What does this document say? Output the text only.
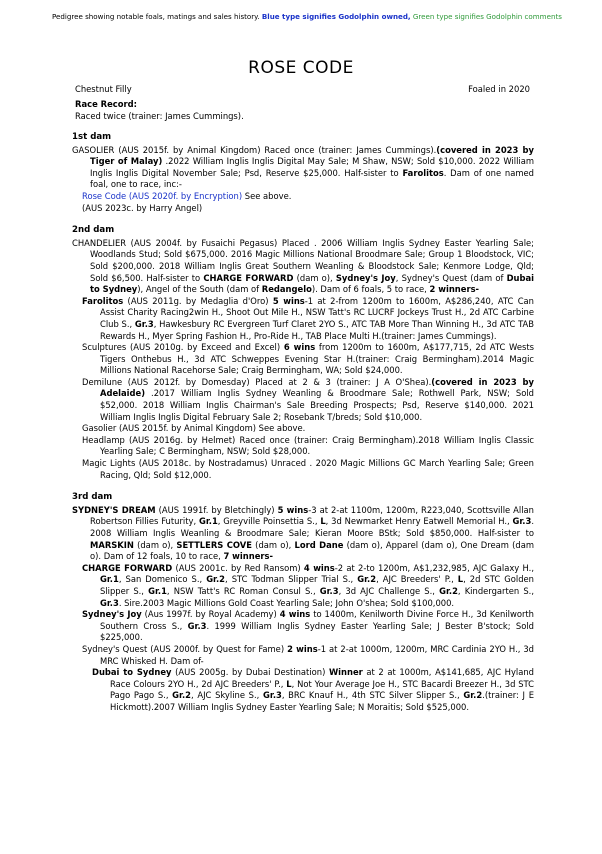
Pedigree showing notable foals, matings and sales history. Blue type signifies Godolphin owned, Green type signifies Godolphin comments
ROSE CODE
Chestnut Filly	Foaled in 2020
Race Record:
Raced twice (trainer: James Cummings).
1st dam

GASOLIER (AUS 2015f. by Animal Kingdom) Raced once (trainer: James Cummings).(covered in 2023 by Tiger of Malay) .2022 William Inglis Inglis Digital May Sale; M Shaw, NSW; Sold $10,000. 2022 William Inglis Inglis Digital November Sale; Psd, Reserve $25,000. Half-sister to Farolitos. Dam of one named foal, one to race, inc:-

Rose Code (AUS 2020f. by Encryption) See above.

(AUS 2023c. by Harry Angel)

2nd dam

CHANDELIER (AUS 2004f. by Fusaichi Pegasus) Placed . 2006 William Inglis Sydney Easter Yearling Sale; Woodlands Stud; Sold $675,000. 2016 Magic Millions National Broodmare Sale; Group 1 Bloodstock, VIC; Sold $200,000. 2018 William Inglis Great Southern Weanling & Bloodstock Sale; Kenmore Lodge, Qld; Sold $6,500. Half-sister to CHARGE FORWARD (dam o), Sydney's Joy, Sydney's Quest (dam of Dubai to Sydney), Angel of the South (dam of Redangelo). Dam of 6 foals, 5 to race, 2 winners-

Farolitos (AUS 2011g. by Medaglia d'Oro) 5 wins-1 at 2-from 1200m to 1600m, A$286,240, ATC Can Assist Charity Racing2win H., Shoot Out Mile H., NSW Tatt's RC LUCRF Jockeys Trust H., 2d ATC Carbine Club S., Gr.3, Hawkesbury RC Evergreen Turf Claret 2YO S., ATC TAB More Than Winning H., 3d ATC TAB Rewards H., Myer Spring Fashion H., Pro-Ride H., TAB Place Multi H.(trainer: James Cummings).

Sculptures (AUS 2010g. by Exceed and Excel) 6 wins from 1200m to 1600m, A$177,715, 2d ATC Wests Tigers Onthebus H., 3d ATC Schweppes Evening Star H.(trainer: Craig Bermingham).2014 Magic Millions National Racehorse Sale; Craig Bermingham, WA; Sold $24,000.

Demilune (AUS 2012f. by Domesday) Placed at 2 & 3 (trainer: J A O'Shea).(covered in 2023 by Adelaide) .2017 William Inglis Sydney Weanling & Broodmare Sale; Rothwell Park, NSW; Sold $52,000. 2018 William Inglis Chairman's Sale Breeding Prospects; Psd, Reserve $140,000. 2021 William Inglis Inglis Digital February Sale 2; Rosebank T/breds; Sold $10,000.

Gasolier (AUS 2015f. by Animal Kingdom) See above.

Headlamp (AUS 2016g. by Helmet) Raced once (trainer: Craig Bermingham).2018 William Inglis Classic Yearling Sale; C Bermingham, NSW; Sold $28,000.

Magic Lights (AUS 2018c. by Nostradamus) Unraced . 2020 Magic Millions GC March Yearling Sale; Green Racing, Qld; Sold $12,000.

3rd dam

SYDNEY'S DREAM (AUS 1991f. by Bletchingly) 5 wins-3 at 2-at 1100m, 1200m, R223,040, Scottsville Allan Robertson Fillies Futurity, Gr.1, Greyville Poinsettia S., L, 3d Newmarket Henry Eatwell Memorial H., Gr.3. 2008 William Inglis Weanling & Broodmare Sale; Kieran Moore BStk; Sold $850,000. Half-sister to MARSKIN (dam o), SETTLERS COVE (dam o), Lord Dane (dam o), Apparel (dam o), One Dream (dam o). Dam of 12 foals, 10 to race, 7 winners-

CHARGE FORWARD (AUS 2001c. by Red Ransom) 4 wins-2 at 2-to 1200m, A$1,232,985, AJC Galaxy H., Gr.1, San Domenico S., Gr.2, STC Todman Slipper Trial S., Gr.2, AJC Breeders' P., L, 2d STC Golden Slipper S., Gr.1, NSW Tatt's RC Roman Consul S., Gr.3, 3d AJC Challenge S., Gr.2, Kindergarten S., Gr.3. Sire.2003 Magic Millions Gold Coast Yearling Sale; John O'shea; Sold $100,000.

Sydney's Joy (Aus 1997f. by Royal Academy) 4 wins to 1400m, Kenilworth Divine Force H., 3d Kenilworth Southern Cross S., Gr.3. 1999 William Inglis Sydney Easter Yearling Sale; J Bester B'stock; Sold $225,000.

Sydney's Quest (AUS 2000f. by Quest for Fame) 2 wins-1 at 2-at 1000m, 1200m, MRC Cardinia 2YO H., 3d MRC Whisked H. Dam of-

Dubai to Sydney (AUS 2005g. by Dubai Destination) Winner at 2 at 1000m, A$141,685, AJC Hyland Race Colours 2YO H., 2d AJC Breeders' P., L, Not Your Average Joe H., STC Bacardi Breezer H., 3d STC Pago Pago S., Gr.2, AJC Skyline S., Gr.3, BRC Knauf H., 4th STC Silver Slipper S., Gr.2.(trainer: J E Hickmott).2007 William Inglis Sydney Easter Yearling Sale; N Moraitis; Sold $525,000.
